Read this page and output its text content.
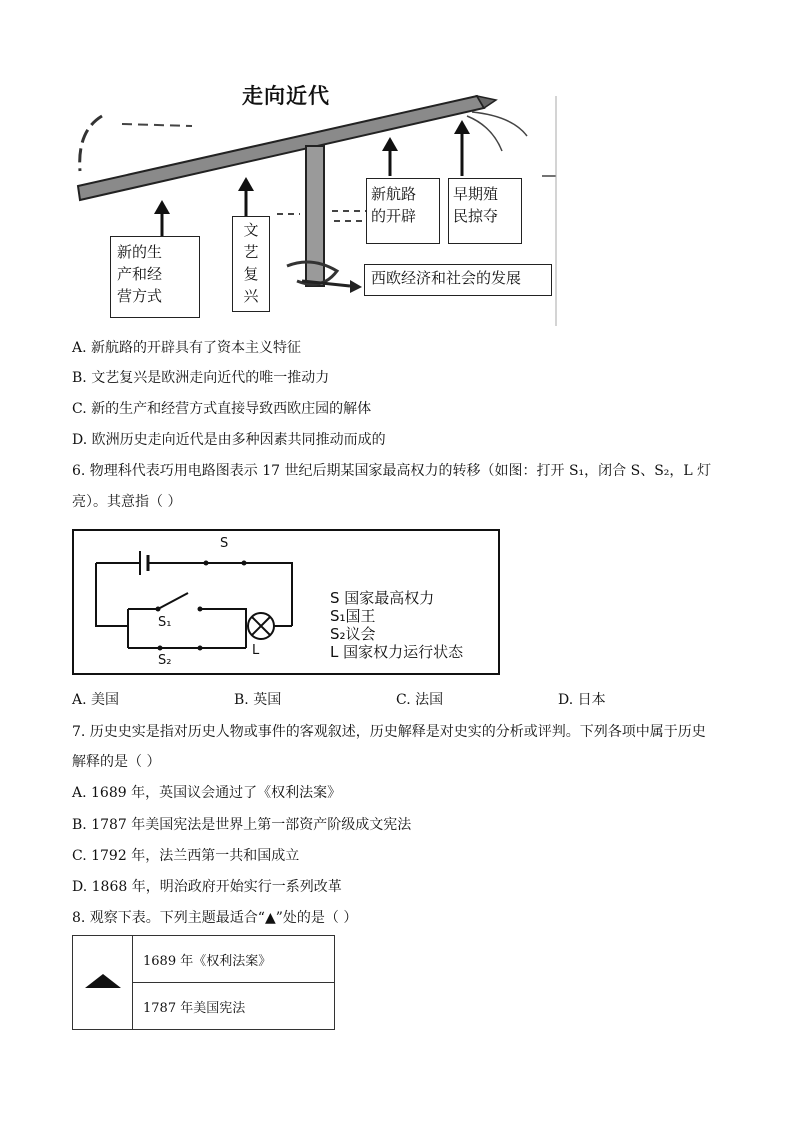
走向近代
新的生
产和经
营方式
文
艺
复
兴
新航路
的开辟
早期殖
民掠夺
西欧经济和社会的发展
A. 新航路的开辟具有了资本主义特征
B. 文艺复兴是欧洲走向近代的唯一推动力
C. 新的生产和经营方式直接导致西欧庄园的解体
D. 欧洲历史走向近代是由多种因素共同推动而成的
6. 物理科代表巧用电路图表示 17 世纪后期某国家最高权力的转移（如图：打开 S₁，闭合 S、S₂，L 灯
亮）。其意指（ ）
S
S₁
S₂
L
S 国家最高权力
S₁国王
S₂议会
L 国家权力运行状态
A. 美国	B. 英国	C. 法国	D. 日本
7. 历史史实是指对历史人物或事件的客观叙述，历史解释是对史实的分析或评判。下列各项中属于历史
解释的是（ ）
A. 1689 年，英国议会通过了《权利法案》
B. 1787 年美国宪法是世界上第一部资产阶级成文宪法
C. 1792 年，法兰西第一共和国成立
D. 1868 年，明治政府开始实行一系列改革
8. 观察下表。下列主题最适合“▲”处的是（ ）
	1689 年《权利法案》
1787 年美国宪法
